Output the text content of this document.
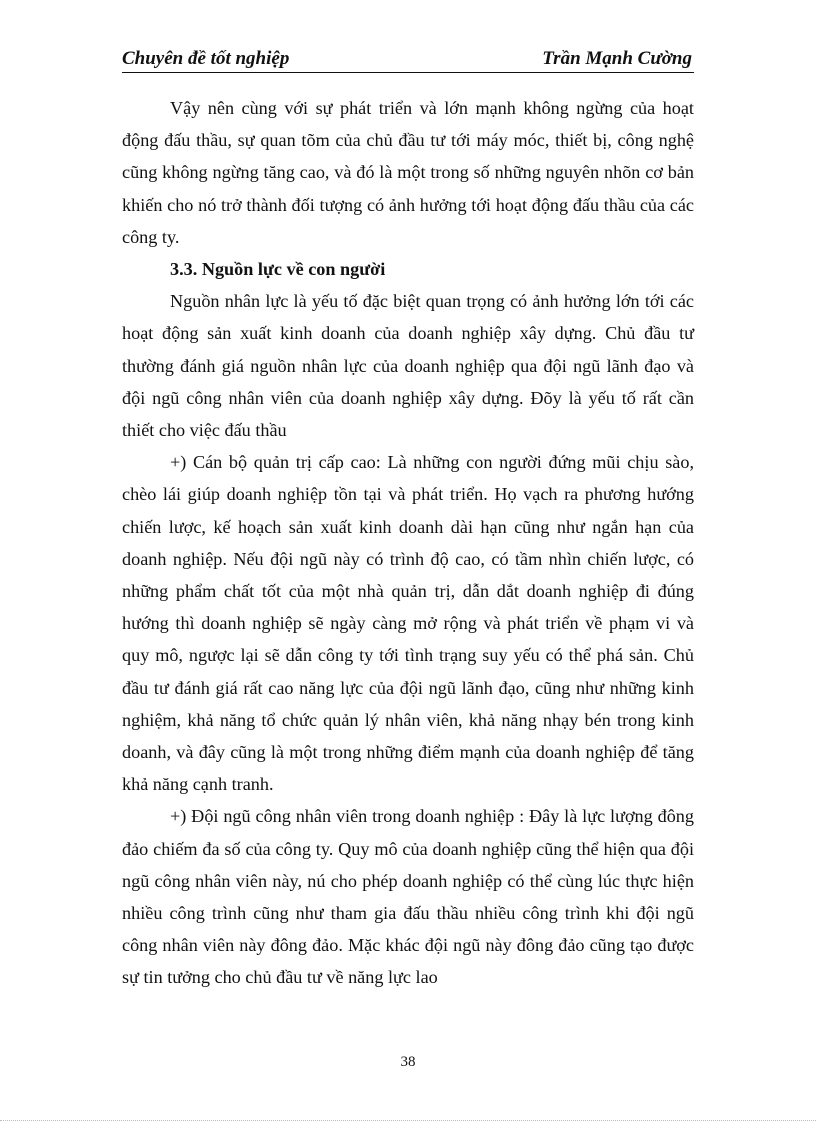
Chuyên đề tốt nghiệp	Trần Mạnh Cường

Vậy nên cùng với sự phát triển và lớn mạnh không ngừng của hoạt động đấu thầu, sự quan tõm của chủ đầu tư tới máy móc, thiết bị, công nghệ cũng không ngừng tăng cao, và đó là một trong số những nguyên nhõn cơ bản khiến cho nó trở thành đối tượng có ảnh hưởng tới hoạt động đấu thầu của các công ty.

3.3. Nguồn lực về con người

Nguồn nhân lực là yếu tố đặc biệt quan trọng có ảnh hưởng lớn tới các hoạt động sản xuất kinh doanh của doanh nghiệp xây dựng. Chủ đầu tư thường đánh giá nguồn nhân lực của doanh nghiệp qua đội ngũ lãnh đạo và đội ngũ công nhân viên của doanh nghiệp xây dựng. Đõy là yếu tố rất cần thiết cho việc đấu thầu

+) Cán bộ quản trị cấp cao: Là những con người đứng mũi chịu sào, chèo lái giúp doanh nghiệp tồn tại và phát triển. Họ vạch ra phương hướng chiến lược, kế hoạch sản xuất kinh doanh dài hạn cũng như ngắn hạn của doanh nghiệp. Nếu đội ngũ này có trình độ cao, có tầm nhìn chiến lược, có những phẩm chất tốt của một nhà quản trị, dẫn dắt doanh nghiệp đi đúng hướng thì doanh nghiệp sẽ ngày càng mở rộng và phát triển về phạm vi và quy mô, ngược lại sẽ dẫn công ty tới tình trạng suy yếu có thể phá sản. Chủ đầu tư đánh giá rất cao năng lực của đội ngũ lãnh đạo, cũng như những kinh nghiệm, khả năng tổ chức quản lý nhân viên, khả năng nhạy bén trong kinh doanh, và đây cũng là một trong những điểm mạnh của doanh nghiệp để tăng khả năng cạnh tranh.

+) Đội ngũ công nhân viên trong doanh nghiệp : Đây là lực lượng đông đảo chiếm đa số của công ty. Quy mô của doanh nghiệp cũng thể hiện qua đội ngũ công nhân viên này, nú cho phép doanh nghiệp có thể cùng lúc thực hiện nhiều công trình cũng như tham gia đấu thầu nhiều công trình khi đội ngũ công nhân viên này đông đảo. Mặc khác đội ngũ này đông đảo cũng tạo được sự tin tưởng cho chủ đầu tư về năng lực lao

38
